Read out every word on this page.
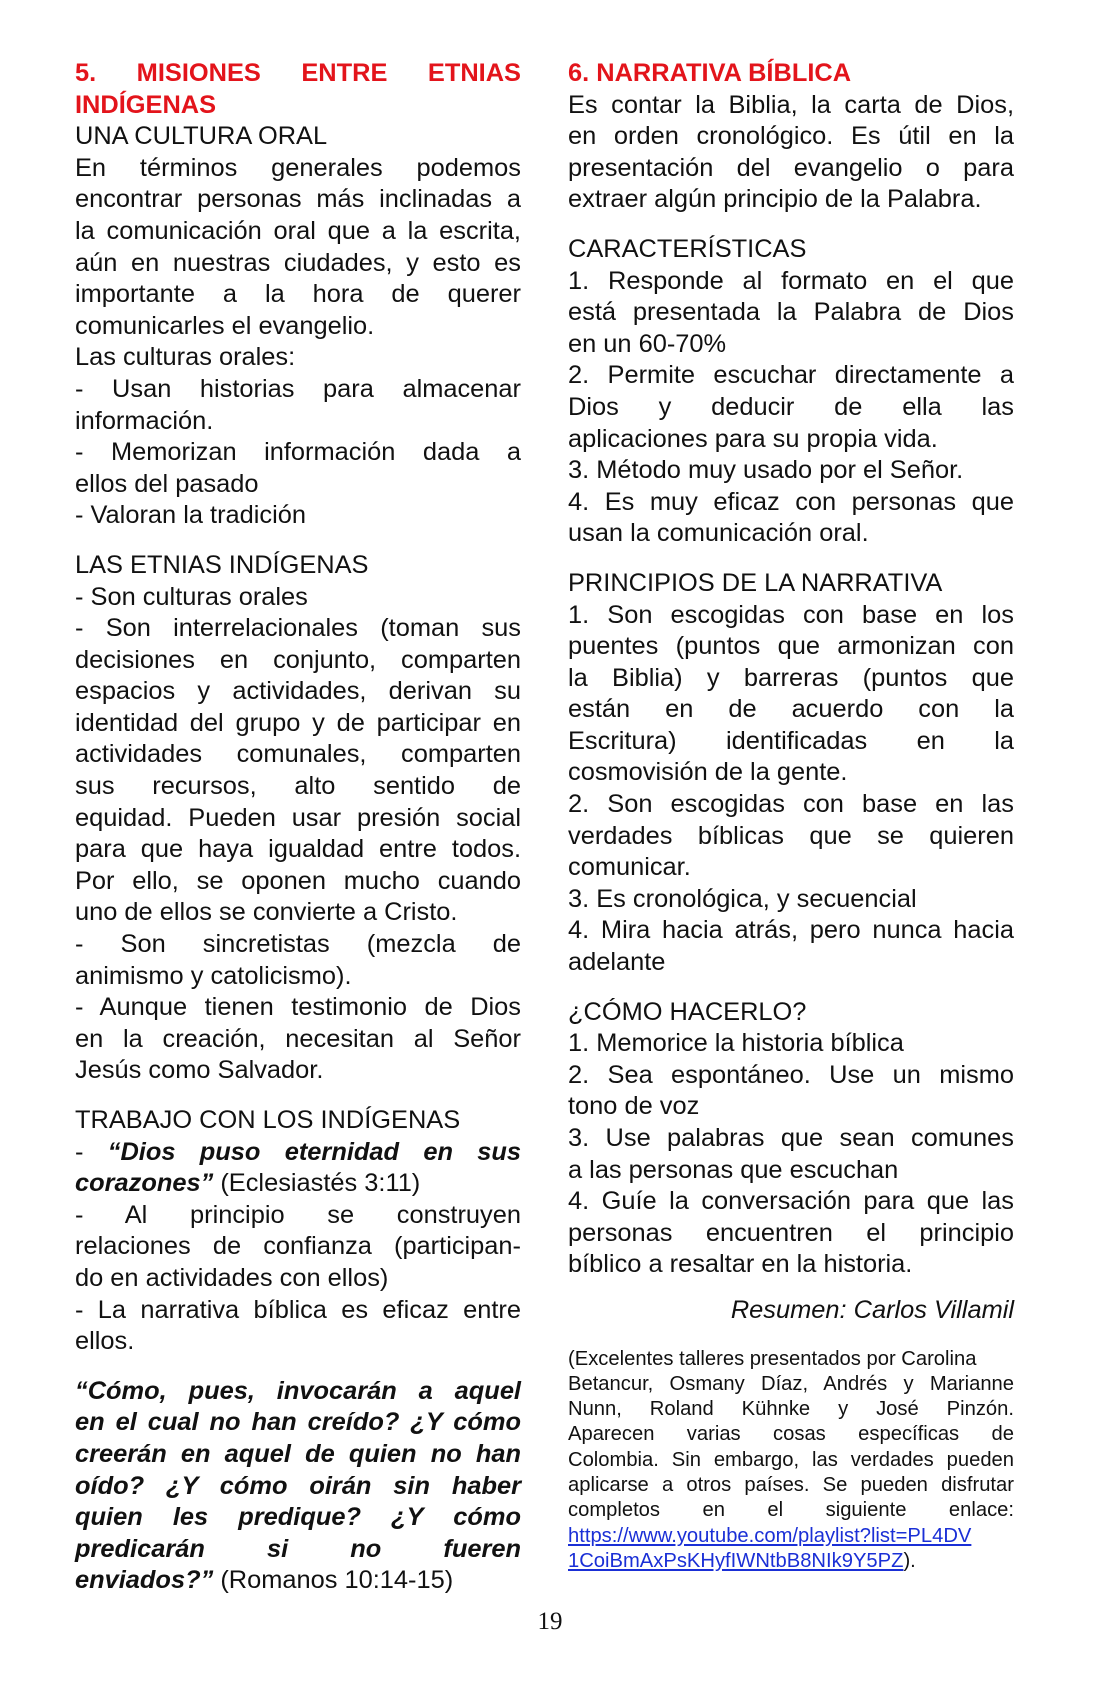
5. MISIONES ENTRE ETNIAS

INDÍGENAS

UNA CULTURA ORAL

En términos generales podemos

encontrar personas más inclinadas a

la comunicación oral que a la escrita,

aún en nuestras ciudades, y esto es

importante a la hora de querer

comunicarles el evangelio.

Las culturas orales:

- Usan historias para almacenar

información.

- Memorizan información dada a

ellos del pasado

- Valoran la tradición

LAS ETNIAS INDÍGENAS

- Son culturas orales

- Son interrelacionales (toman sus

decisiones en conjunto, comparten

espacios y actividades, derivan su

identidad del grupo y de participar en

actividades comunales, comparten

sus recursos, alto sentido de

equidad. Pueden usar presión social

para que haya igualdad entre todos.

Por ello, se oponen mucho cuando

uno de ellos se convierte a Cristo.

- Son sincretistas (mezcla de

animismo y catolicismo).

- Aunque tienen testimonio de Dios

en la creación, necesitan al Señor

Jesús como Salvador.

TRABAJO CON LOS INDÍGENAS

- “Dios puso eternidad en sus

corazones” (Eclesiastés 3:11)

- Al principio se construyen

relaciones de confianza (participan-

do en actividades con ellos)

- La narrativa bíblica es eficaz entre

ellos.

“Cómo, pues, invocarán a aquel

en el cual no han creído? ¿Y cómo

creerán en aquel de quien no han

oído? ¿Y cómo oirán sin haber

quien les predique? ¿Y cómo

predicarán si no fueren

enviados?” (Romanos 10:14-15)

6. NARRATIVA BÍBLICA

Es contar la Biblia, la carta de Dios,

en orden cronológico. Es útil en la

presentación del evangelio o para

extraer algún principio de la Palabra.

CARACTERÍSTICAS

1. Responde al formato en el que

está presentada la Palabra de Dios

en un 60-70%

2. Permite escuchar directamente a

Dios y deducir de ella las

aplicaciones para su propia vida.

3. Método muy usado por el Señor.

4. Es muy eficaz con personas que

usan la comunicación oral.

PRINCIPIOS DE LA NARRATIVA

1. Son escogidas con base en los

puentes (puntos que armonizan con

la Biblia) y barreras (puntos que

están en de acuerdo con la

Escritura) identificadas en la

cosmovisión de la gente.

2. Son escogidas con base en las

verdades bíblicas que se quieren

comunicar.

3. Es cronológica, y secuencial

4. Mira hacia atrás, pero nunca hacia

adelante

¿CÓMO HACERLO?

1. Memorice la historia bíblica

2. Sea espontáneo. Use un mismo

tono de voz

3. Use palabras que sean comunes

a las personas que escuchan

4. Guíe la conversación para que las

personas encuentren el principio

bíblico a resaltar en la historia.

Resumen: Carlos Villamil

(Excelentes talleres presentados por Carolina

Betancur, Osmany Díaz, Andrés y Marianne

Nunn, Roland Kühnke y José Pinzón.

Aparecen varias cosas específicas de

Colombia. Sin embargo, las verdades pueden

aplicarse a otros países. Se pueden disfrutar

completos en el siguiente enlace:

https://www.youtube.com/playlist?list=PL4DV

1CoiBmAxPsKHyfIWNtbB8NIk9Y5PZ).

19
